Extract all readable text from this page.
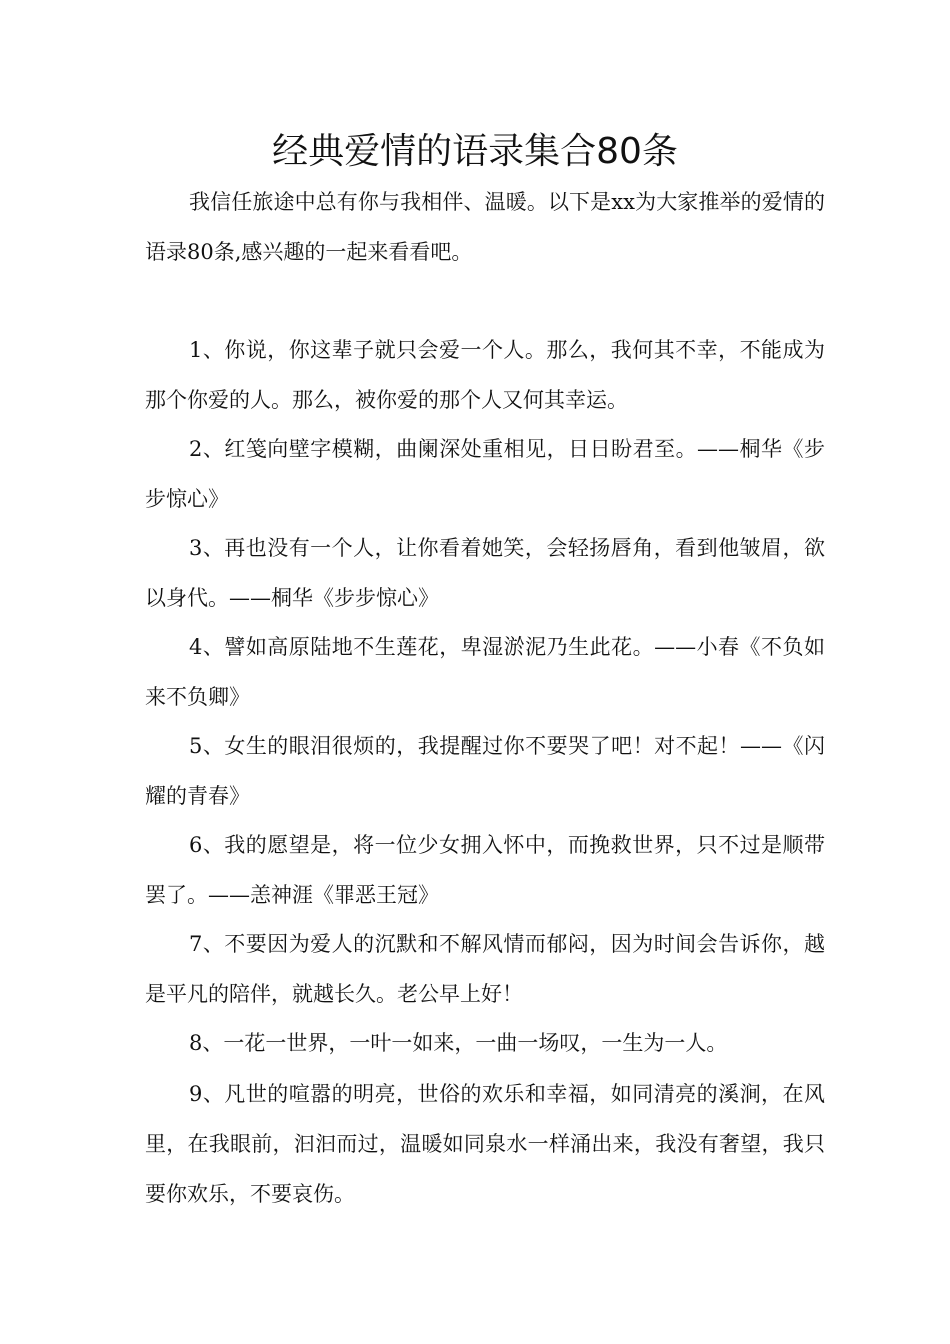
经典爱情的语录集合80条

我信任旅途中总有你与我相伴、温暖。以下是xx为大家推举的爱情的语录80条,感兴趣的一起来看看吧。

1、你说，你这辈子就只会爱一个人。那么，我何其不幸，不能成为那个你爱的人。那么，被你爱的那个人又何其幸运。

2、红笺向壁字模糊，曲阑深处重相见，日日盼君至。——桐华《步步惊心》

3、再也没有一个人，让你看着她笑，会轻扬唇角，看到他皱眉，欲以身代。——桐华《步步惊心》

4、譬如高原陆地不生莲花，卑湿淤泥乃生此花。——小春《不负如来不负卿》

5、女生的眼泪很烦的，我提醒过你不要哭了吧！对不起！——《闪耀的青春》

6、我的愿望是，将一位少女拥入怀中，而挽救世界，只不过是顺带罢了。——恙神涯《罪恶王冠》

7、不要因为爱人的沉默和不解风情而郁闷，因为时间会告诉你，越是平凡的陪伴，就越长久。老公早上好！

8、一花一世界，一叶一如来，一曲一场叹，一生为一人。

9、凡世的喧嚣的明亮，世俗的欢乐和幸福，如同清亮的溪涧，在风里，在我眼前，汩汩而过，温暖如同泉水一样涌出来，我没有奢望，我只要你欢乐，不要哀伤。
